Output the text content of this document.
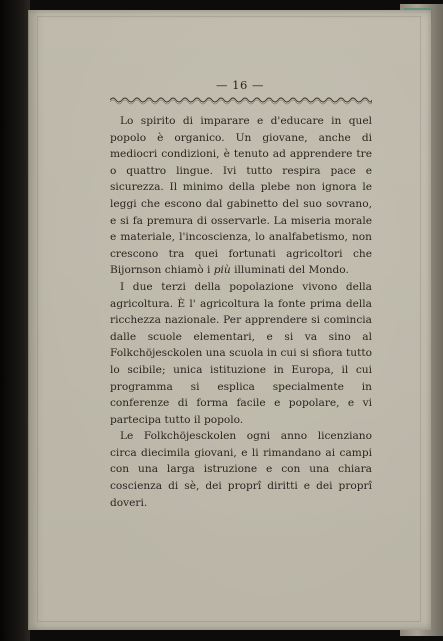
— 16 —

Lo spirito di imparare e d'educare in quel popolo è organico. Un giovane, anche di mediocri condizioni, è tenuto ad apprendere tre o quattro lingue. Ivi tutto respira pace e sicurezza. Il minimo della plebe non ignora le leggi che escono dal gabinetto del suo sovrano, e si fa premura di osservarle. La miseria morale e materiale, l'incoscienza, lo analfabetismo, non crescono tra quei fortunati agricoltori che Bijornson chiamò i più illuminati del Mondo.

I due terzi della popolazione vivono della agricoltura. È l' agricoltura la fonte prima della ricchezza nazionale. Per apprendere si comincia dalle scuole elementari, e si va sino al Folkchöjesckolen una scuola in cui si sfiora tutto lo scibile; unica istituzione in Europa, il cui programma si esplica specialmente in conferenze di forma facile e popolare, e vi partecipa tutto il popolo.

Le Folkchöjesckolen ogni anno licenziano circa diecimila giovani, e li rimandano ai campi con una larga istruzione e con una chiara coscienza di sè, dei proprî diritti e dei proprî doveri.
